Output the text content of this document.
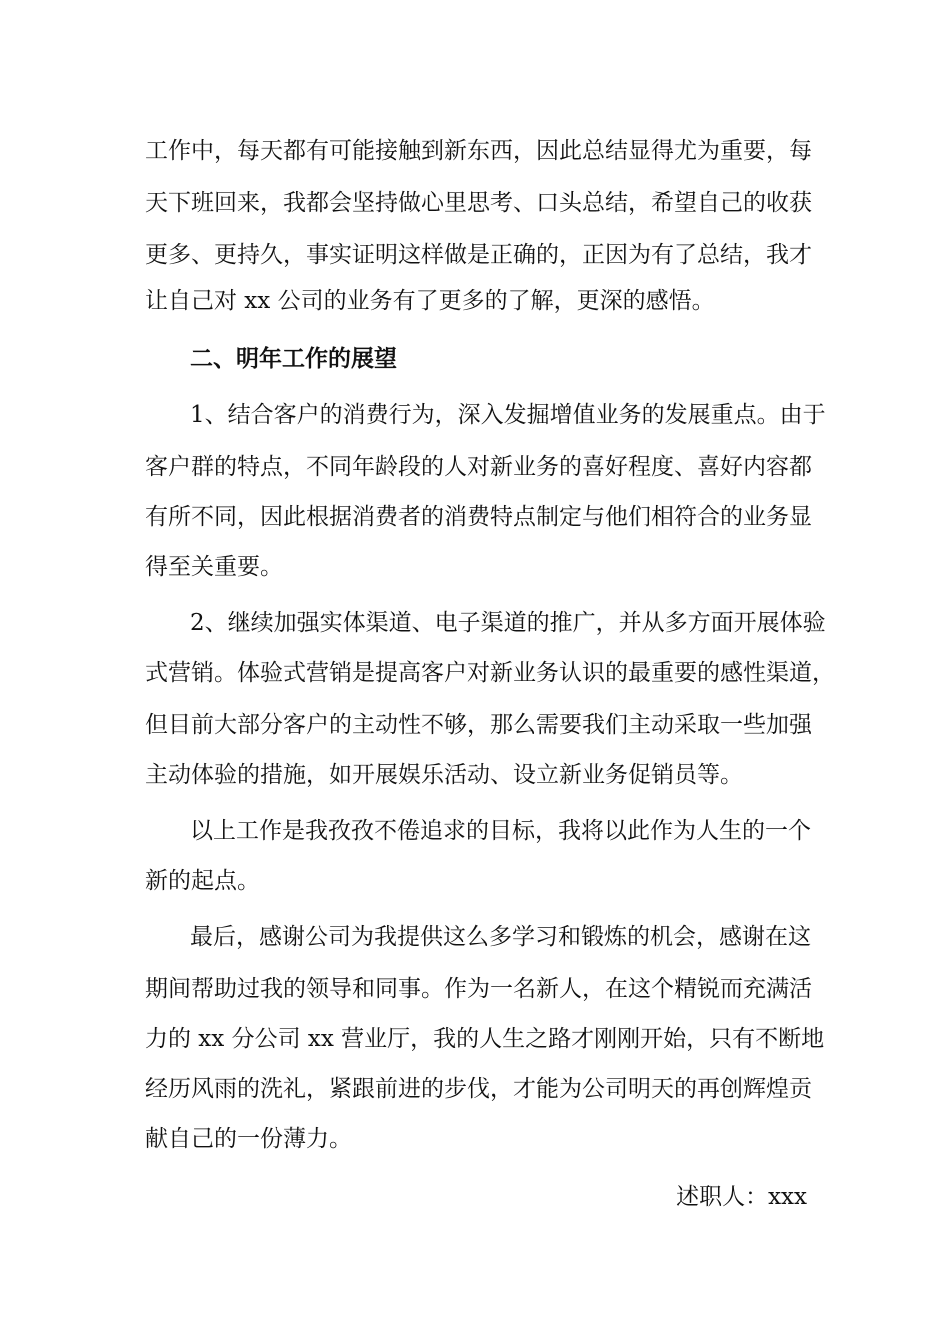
工作中，每天都有可能接触到新东西，因此总结显得尤为重要，每
天下班回来，我都会坚持做心里思考、口头总结，希望自己的收获
更多、更持久，事实证明这样做是正确的，正因为有了总结，我才
让自己对 xx 公司的业务有了更多的了解，更深的感悟。
二、明年工作的展望
1、结合客户的消费行为，深入发掘增值业务的发展重点。由于
客户群的特点，不同年龄段的人对新业务的喜好程度、喜好内容都
有所不同，因此根据消费者的消费特点制定与他们相符合的业务显
得至关重要。
2、继续加强实体渠道、电子渠道的推广，并从多方面开展体验
式营销。体验式营销是提高客户对新业务认识的最重要的感性渠道，
但目前大部分客户的主动性不够，那么需要我们主动采取一些加强
主动体验的措施，如开展娱乐活动、设立新业务促销员等。
以上工作是我孜孜不倦追求的目标，我将以此作为人生的一个
新的起点。
最后，感谢公司为我提供这么多学习和锻炼的机会，感谢在这
期间帮助过我的领导和同事。作为一名新人，在这个精锐而充满活
力的 xx 分公司 xx 营业厅，我的人生之路才刚刚开始，只有不断地
经历风雨的洗礼，紧跟前进的步伐，才能为公司明天的再创辉煌贡
献自己的一份薄力。
述职人：xxx
